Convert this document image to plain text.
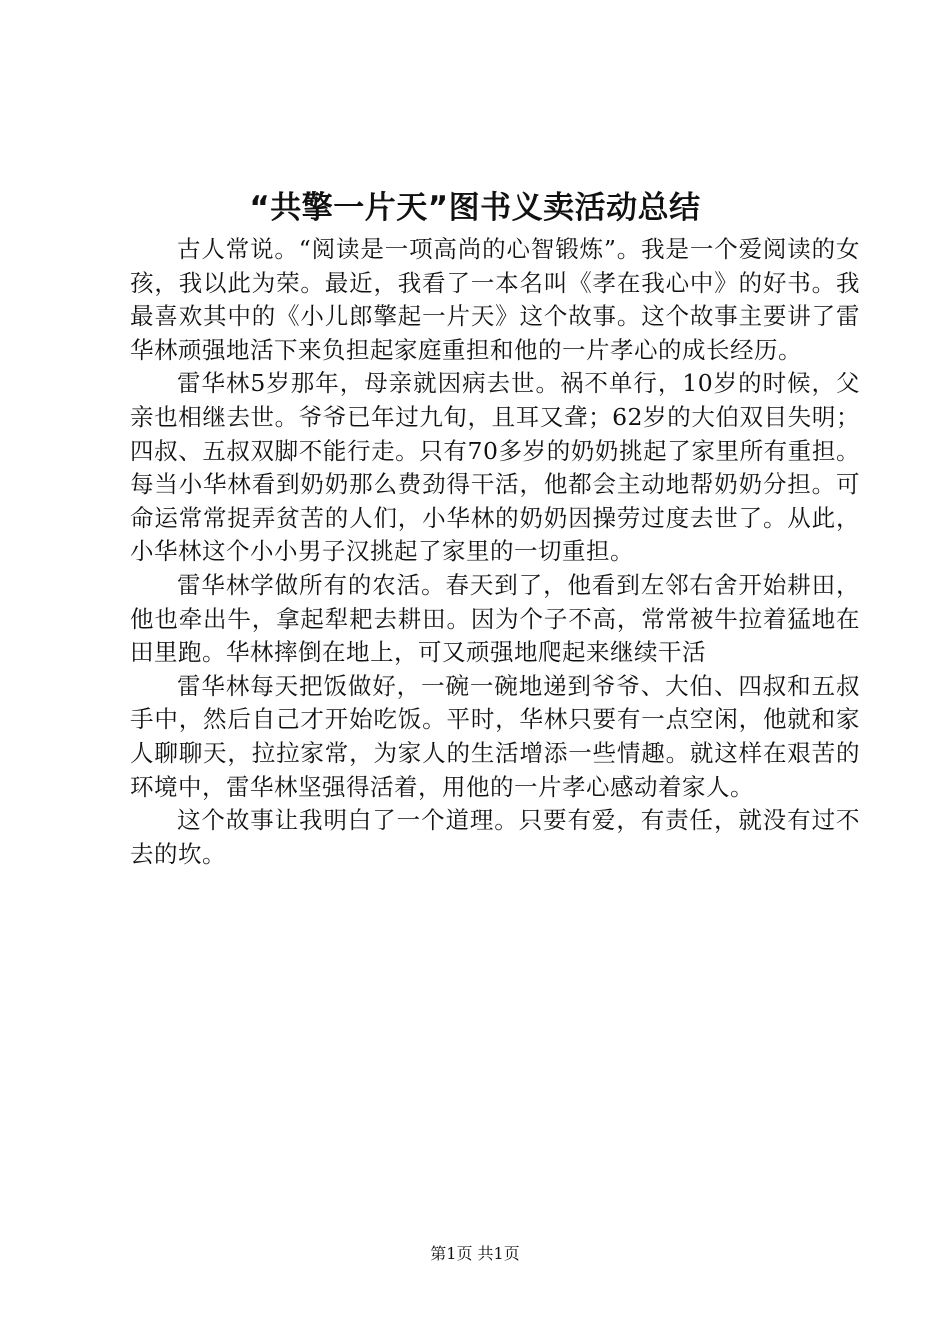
“共擎一片天”图书义卖活动总结

古人常说。“阅读是一项高尚的心智锻炼”。我是一个爱阅读的女孩，我以此为荣。最近，我看了一本名叫《孝在我心中》的好书。我最喜欢其中的《小儿郎擎起一片天》这个故事。这个故事主要讲了雷华林顽强地活下来负担起家庭重担和他的一片孝心的成长经历。

雷华林5岁那年，母亲就因病去世。祸不单行，10岁的时候，父亲也相继去世。爷爷已年过九旬，且耳又聋；62岁的大伯双目失明；四叔、五叔双脚不能行走。只有70多岁的奶奶挑起了家里所有重担。每当小华林看到奶奶那么费劲得干活，他都会主动地帮奶奶分担。可命运常常捉弄贫苦的人们，小华林的奶奶因操劳过度去世了。从此，小华林这个小小男子汉挑起了家里的一切重担。

雷华林学做所有的农活。春天到了，他看到左邻右舍开始耕田，他也牵出牛，拿起犁耙去耕田。因为个子不高，常常被牛拉着猛地在田里跑。华林摔倒在地上，可又顽强地爬起来继续干活

雷华林每天把饭做好，一碗一碗地递到爷爷、大伯、四叔和五叔手中，然后自己才开始吃饭。平时，华林只要有一点空闲，他就和家人聊聊天，拉拉家常，为家人的生活增添一些情趣。就这样在艰苦的环境中，雷华林坚强得活着，用他的一片孝心感动着家人。

这个故事让我明白了一个道理。只要有爱，有责任，就没有过不去的坎。

第1页 共1页
